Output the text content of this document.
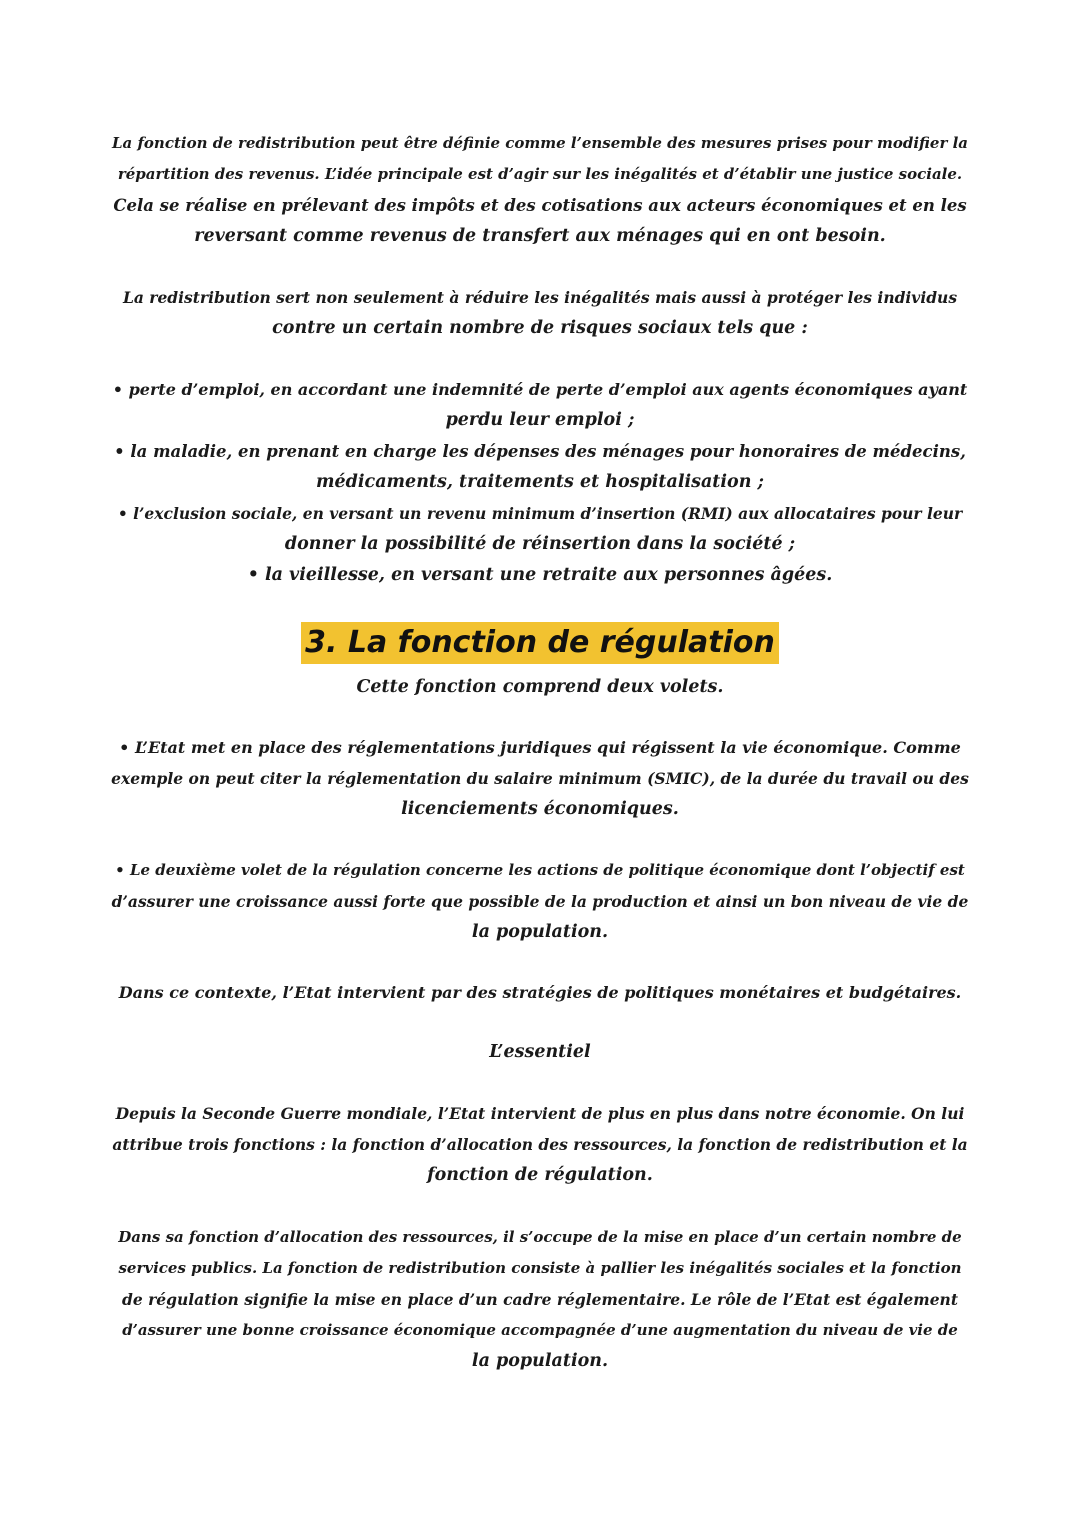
La fonction de redistribution peut être définie comme l’ensemble des mesures prises pour modifier la
répartition des revenus. L’idée principale est d’agir sur les inégalités et d’établir une justice sociale.
Cela se réalise en prélevant des impôts et des cotisations aux acteurs économiques et en les
reversant comme revenus de transfert aux ménages qui en ont besoin.
La redistribution sert non seulement à réduire les inégalités mais aussi à protéger les individus
contre un certain nombre de risques sociaux tels que :
• perte d’emploi, en accordant une indemnité de perte d’emploi aux agents économiques ayant
perdu leur emploi ;
• la maladie, en prenant en charge les dépenses des ménages pour honoraires de médecins,
médicaments, traitements et hospitalisation ;
• l’exclusion sociale, en versant un revenu minimum d’insertion (RMI) aux allocataires pour leur
donner la possibilité de réinsertion dans la société ;
• la vieillesse, en versant une retraite aux personnes âgées.
3. La fonction de régulation
Cette fonction comprend deux volets.
• L’Etat met en place des réglementations juridiques qui régissent la vie économique. Comme
exemple on peut citer la réglementation du salaire minimum (SMIC), de la durée du travail ou des
licenciements économiques.
• Le deuxième volet de la régulation concerne les actions de politique économique dont l’objectif est
d’assurer une croissance aussi forte que possible de la production et ainsi un bon niveau de vie de
la population.
Dans ce contexte, l’Etat intervient par des stratégies de politiques monétaires et budgétaires.
L’essentiel
Depuis la Seconde Guerre mondiale, l’Etat intervient de plus en plus dans notre économie. On lui
attribue trois fonctions : la fonction d’allocation des ressources, la fonction de redistribution et la
fonction de régulation.
Dans sa fonction d’allocation des ressources, il s’occupe de la mise en place d’un certain nombre de
services publics. La fonction de redistribution consiste à pallier les inégalités sociales et la fonction
de régulation signifie la mise en place d’un cadre réglementaire. Le rôle de l’Etat est également
d’assurer une bonne croissance économique accompagnée d’une augmentation du niveau de vie de
la population.
